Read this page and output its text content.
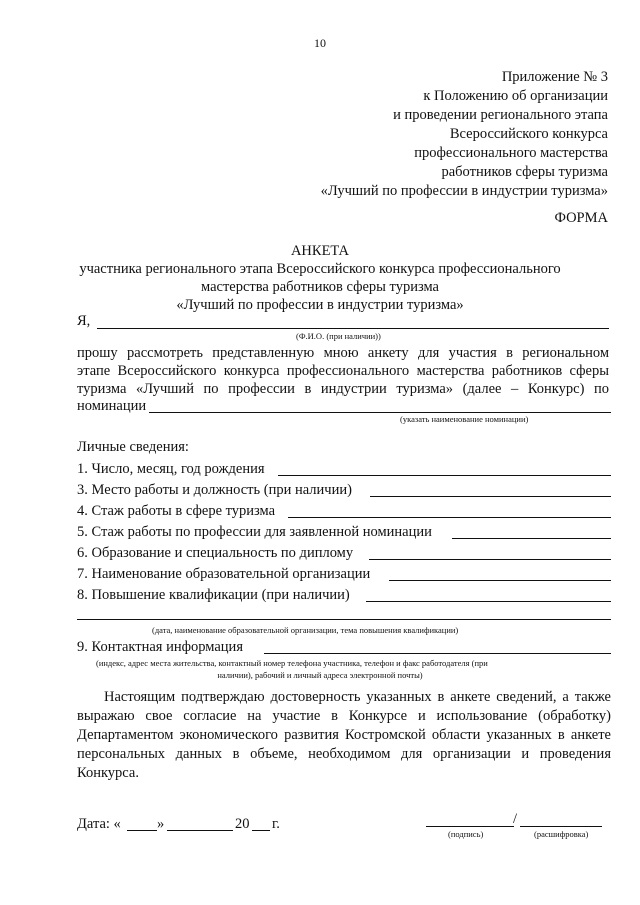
10
Приложение № 3
к Положению об организации
и проведении регионального этапа
Всероссийского конкурса
профессионального мастерства
работников сферы туризма
«Лучший по профессии в индустрии туризма»
ФОРМА
АНКЕТА
участника регионального этапа Всероссийского конкурса профессионального
мастерства работников сферы туризма
«Лучший по профессии в индустрии туризма»
Я,
(Ф.И.О. (при наличии))
прошу рассмотреть представленную мною анкету для участия в региональном
этапе Всероссийского конкурса профессионального мастерства работников сферы
туризма «Лучший по профессии в индустрии туризма» (далее – Конкурс) по
номинации
(указать наименование номинации)
Личные сведения:
1. Число, месяц, год рождения
3. Место работы и должность (при наличии)
4. Стаж работы в сфере туризма
5. Стаж работы по профессии для заявленной номинации
6. Образование и специальность по диплому
7. Наименование образовательной организации
8. Повышение квалификации (при наличии)
(дата, наименование образовательной организации, тема повышения квалификации)
9. Контактная информация
(индекс, адрес места жительства, контактный номер телефона участника, телефон и факс работодателя (при
наличии), рабочий и личный адреса электронной почты)
Настоящим подтверждаю достоверность указанных в анкете сведений, а также
выражаю свое согласие на участие в Конкурсе и использование (обработку)
Департаментом экономического развития Костромской области указанных в анкете
персональных данных в объеме, необходимом для организации и проведения
Конкурса.
Дата: « »	20 г.	/
(подпись)	(расшифровка)
